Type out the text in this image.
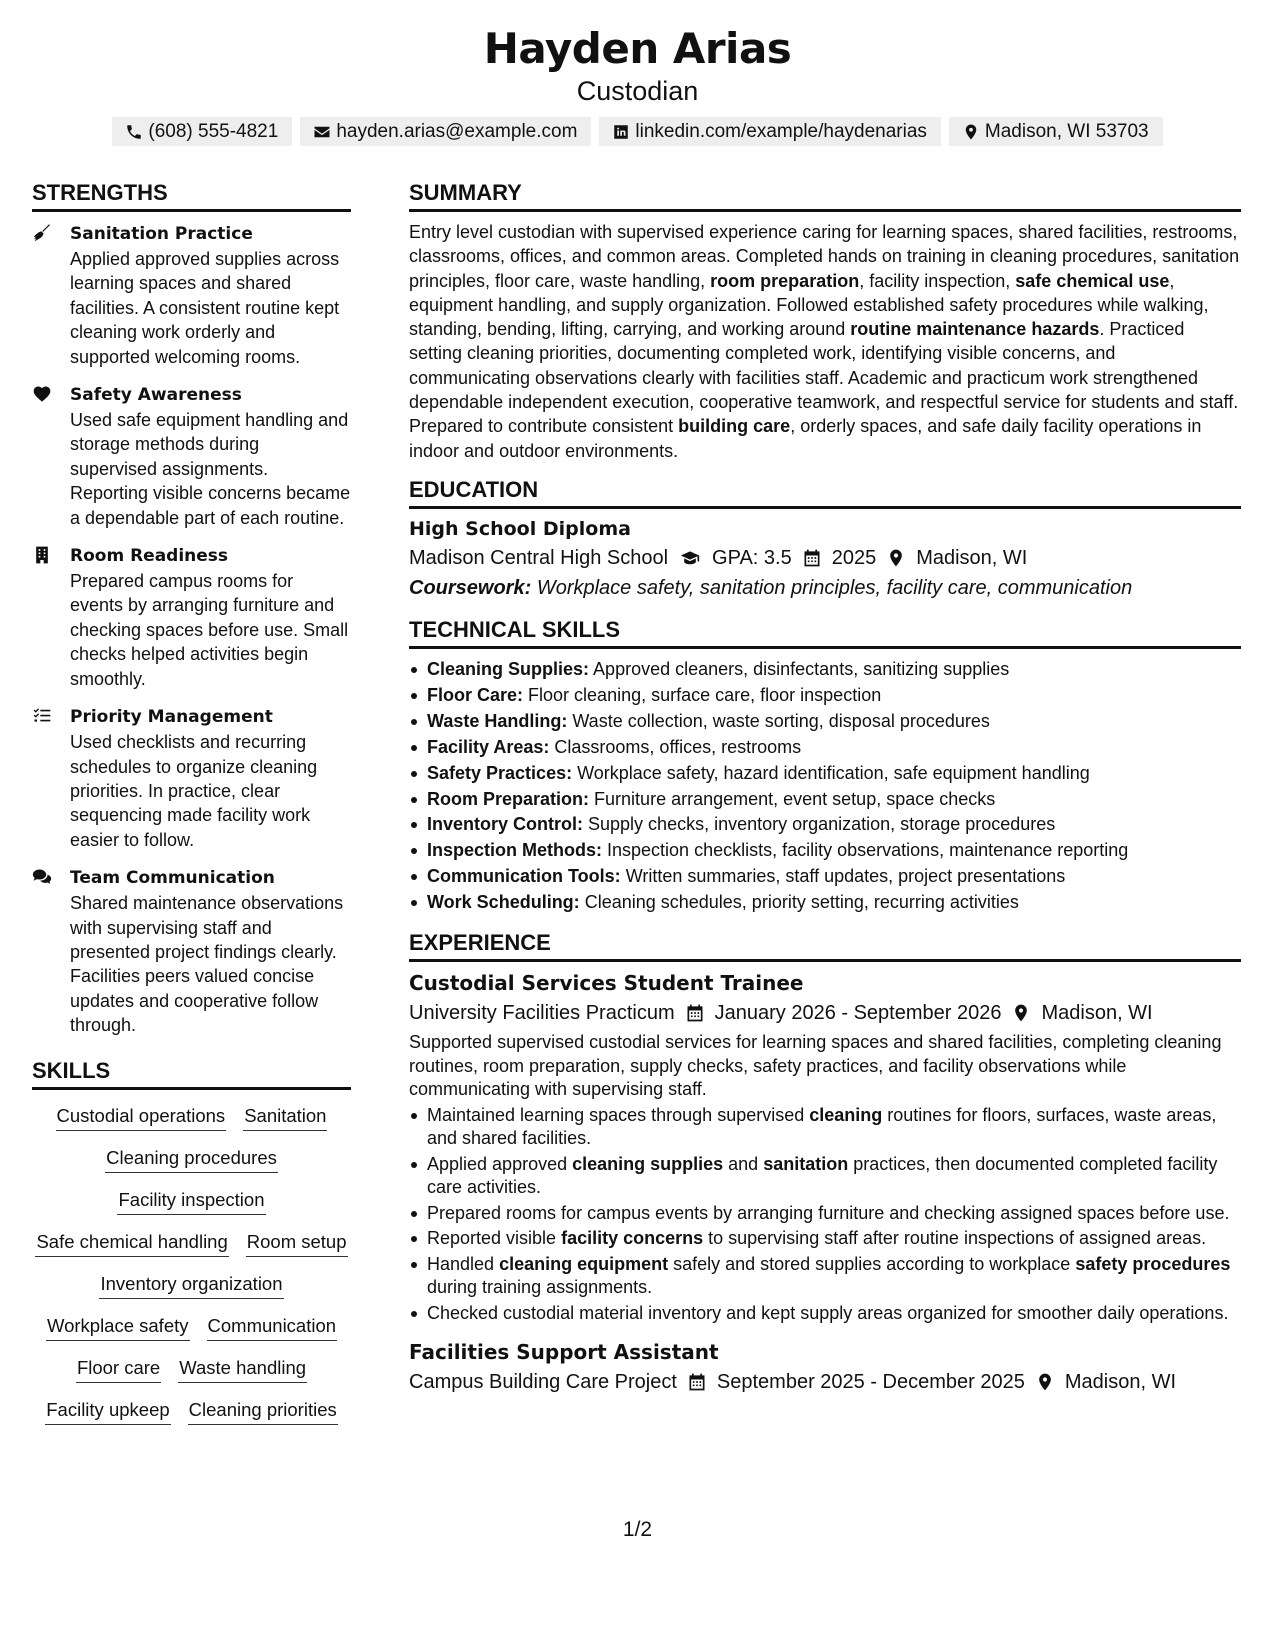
Hayden Arias
Custodian
(608) 555-4821	hayden.arias@example.com	linkedin.com/example/haydenarias	Madison, WI 53703
STRENGTHS
Sanitation Practice
Applied approved supplies across learning spaces and shared facilities. A consistent routine kept cleaning work orderly and supported welcoming rooms.
Safety Awareness
Used safe equipment handling and storage methods during supervised assignments. Reporting visible concerns became a dependable part of each routine.
Room Readiness
Prepared campus rooms for events by arranging furniture and checking spaces before use. Small checks helped activities begin smoothly.
Priority Management
Used checklists and recurring schedules to organize cleaning priorities. In practice, clear sequencing made facility work easier to follow.
Team Communication
Shared maintenance observations with supervising staff and presented project findings clearly. Facilities peers valued concise updates and cooperative follow through.
SKILLS
Custodial operations Sanitation
Cleaning procedures
Facility inspection
Safe chemical handling Room setup
Inventory organization
Workplace safety Communication
Floor care Waste handling
Facility upkeep Cleaning priorities
SUMMARY

Entry level custodian with supervised experience caring for learning spaces, shared facilities, restrooms, classrooms, offices, and common areas. Completed hands on training in cleaning procedures, sanitation principles, floor care, waste handling, room preparation, facility inspection, safe chemical use, equipment handling, and supply organization. Followed established safety procedures while walking, standing, bending, lifting, carrying, and working around routine maintenance hazards. Practiced setting cleaning priorities, documenting completed work, identifying visible concerns, and communicating observations clearly with facilities staff. Academic and practicum work strengthened dependable independent execution, cooperative teamwork, and respectful service for students and staff. Prepared to contribute consistent building care, orderly spaces, and safe daily facility operations in indoor and outdoor environments.

EDUCATION
High School Diploma
Madison Central High School GPA: 3.5 2025 Madison, WI
Coursework: Workplace safety, sanitation principles, facility care, communication
TECHNICAL SKILLS
Cleaning Supplies: Approved cleaners, disinfectants, sanitizing supplies
Floor Care: Floor cleaning, surface care, floor inspection
Waste Handling: Waste collection, waste sorting, disposal procedures
Facility Areas: Classrooms, offices, restrooms
Safety Practices: Workplace safety, hazard identification, safe equipment handling
Room Preparation: Furniture arrangement, event setup, space checks
Inventory Control: Supply checks, inventory organization, storage procedures
Inspection Methods: Inspection checklists, facility observations, maintenance reporting
Communication Tools: Written summaries, staff updates, project presentations
Work Scheduling: Cleaning schedules, priority setting, recurring activities
EXPERIENCE
Custodial Services Student Trainee
University Facilities Practicum January 2026 - September 2026 Madison, WI

Supported supervised custodial services for learning spaces and shared facilities, completing cleaning routines, room preparation, supply checks, safety practices, and facility observations while communicating with supervising staff.

Maintained learning spaces through supervised cleaning routines for floors, surfaces, waste areas, and shared facilities.
Applied approved cleaning supplies and sanitation practices, then documented completed facility care activities.
Prepared rooms for campus events by arranging furniture and checking assigned spaces before use.
Reported visible facility concerns to supervising staff after routine inspections of assigned areas.
Handled cleaning equipment safely and stored supplies according to workplace safety procedures during training assignments.
Checked custodial material inventory and kept supply areas organized for smoother daily operations.
Facilities Support Assistant
Campus Building Care Project September 2025 - December 2025 Madison, WI
1/2
